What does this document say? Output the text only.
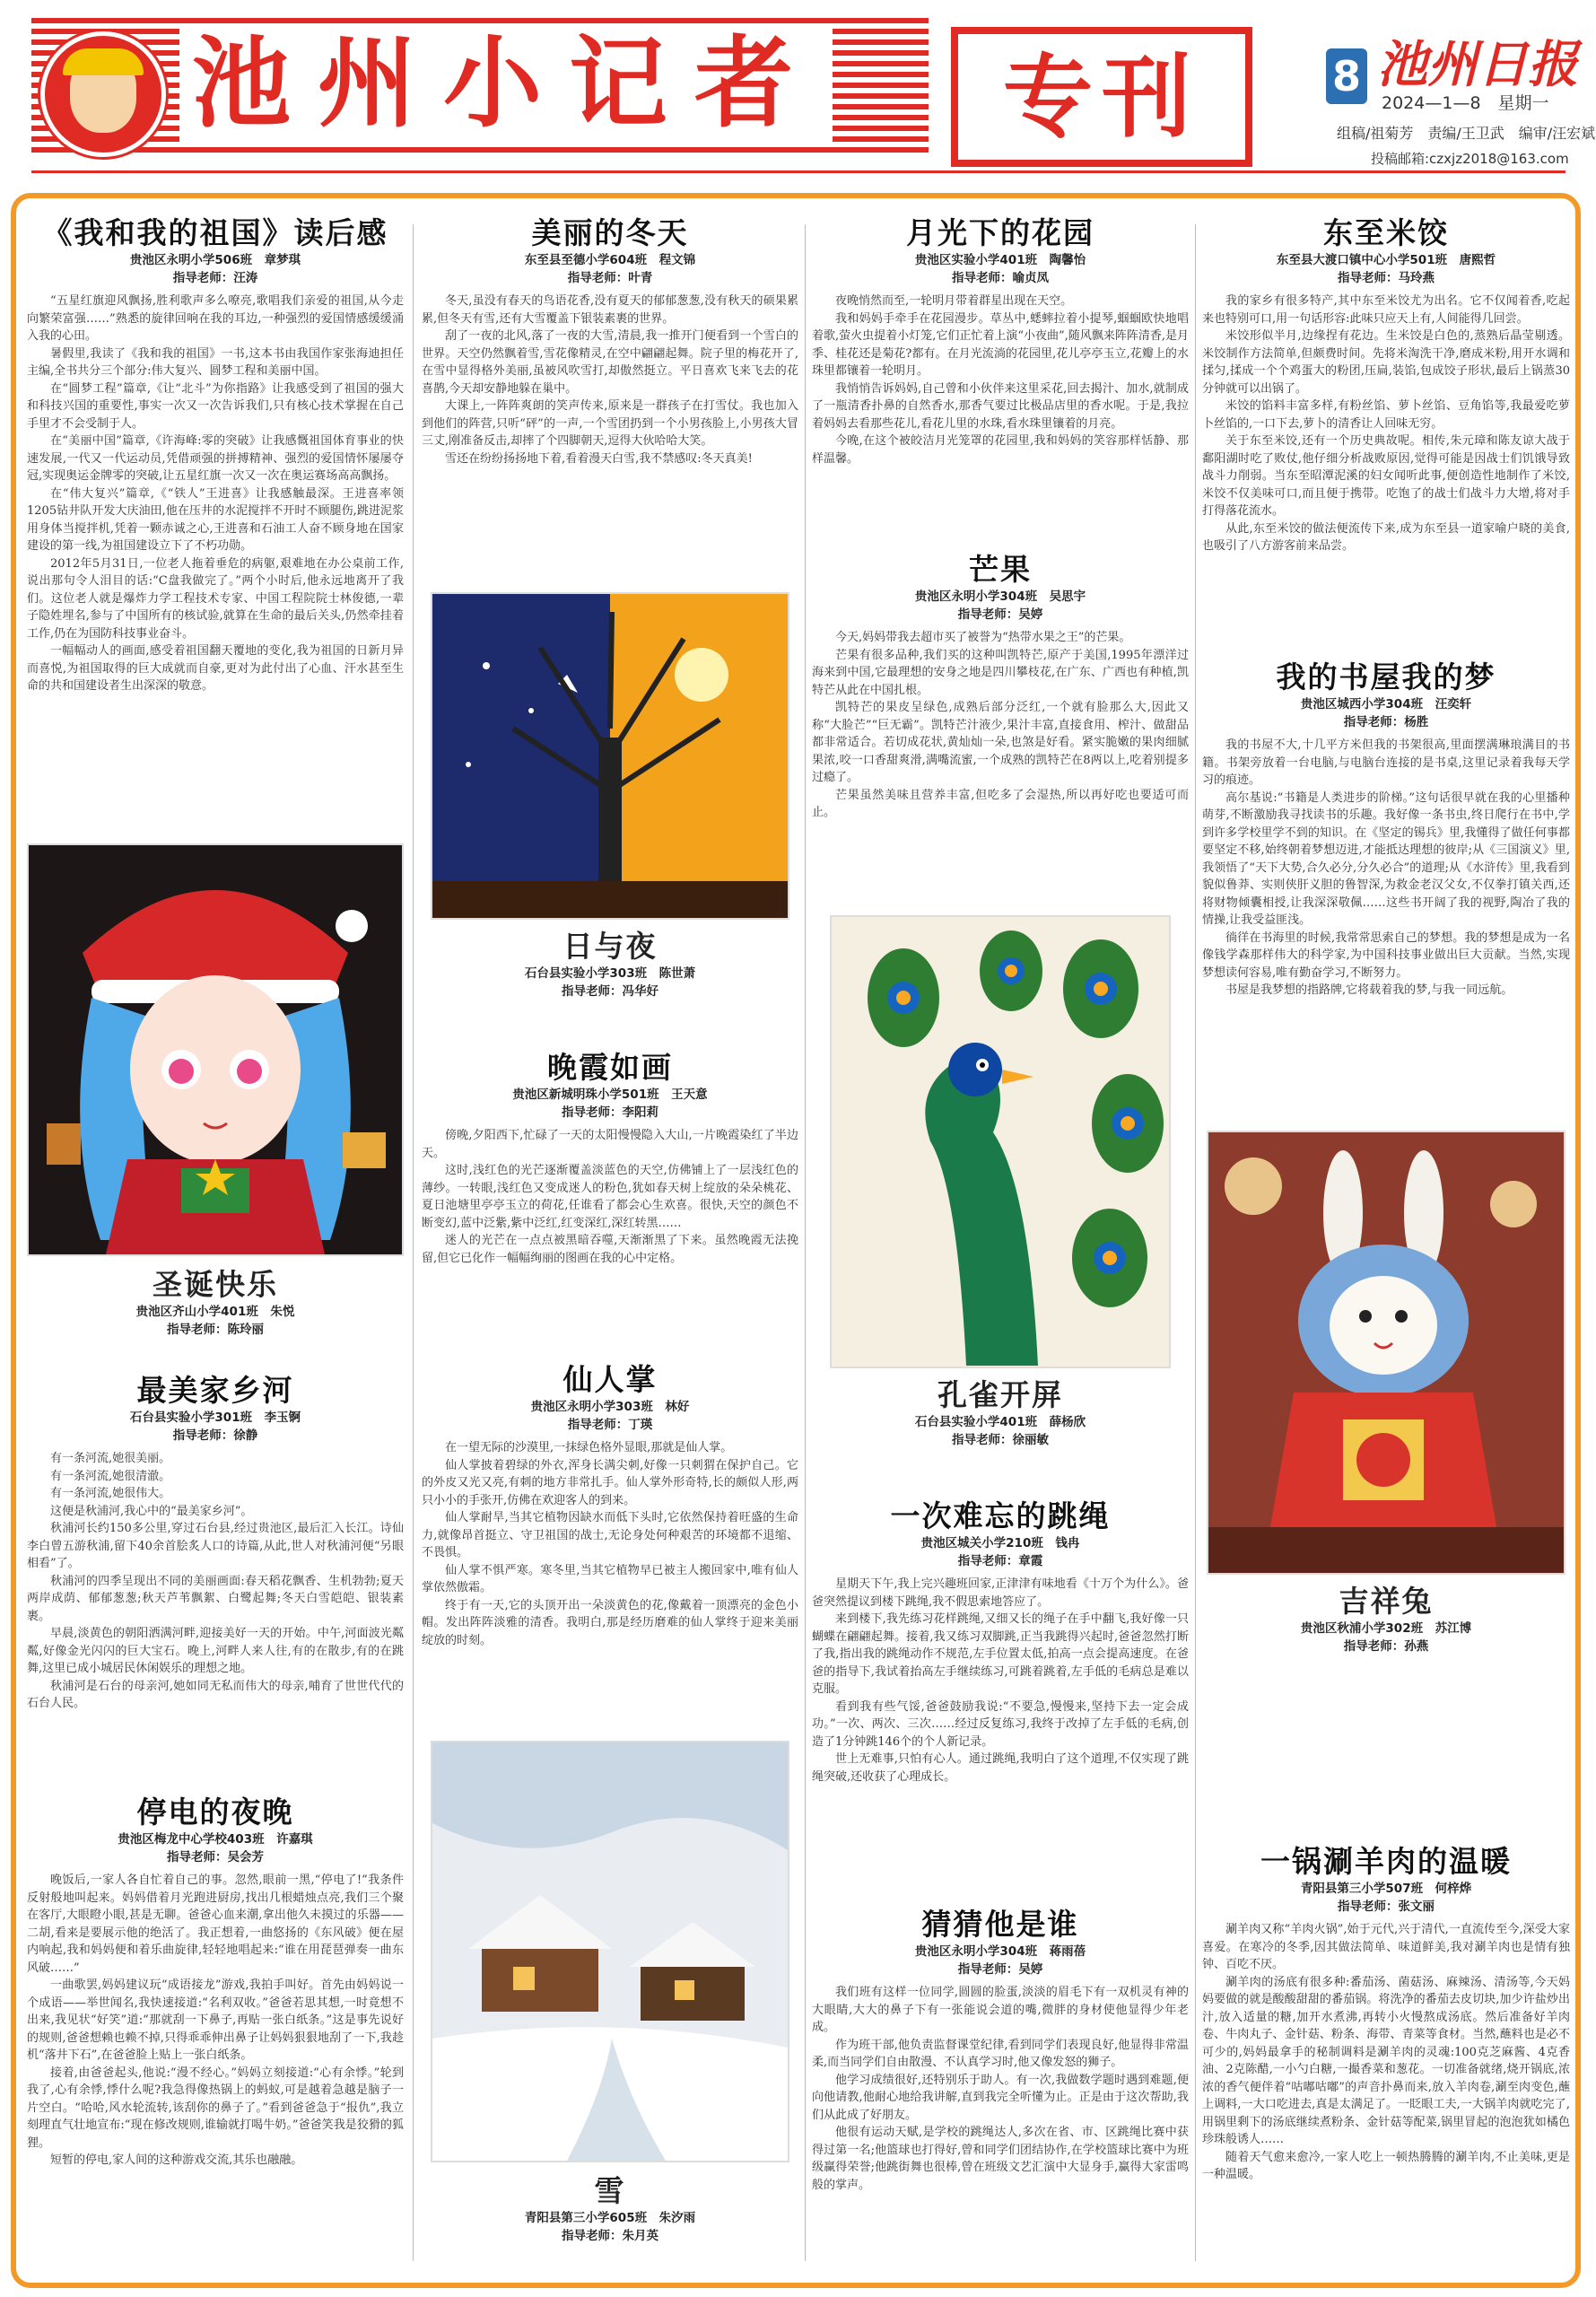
池州小记者	专刊	8 池州日报
2024—1—8　星期一
组稿/祖菊芳　责编/王卫武　编审/汪宏斌
投稿邮箱:czxjz2018@163.com
《我和我的祖国》读后感
贵池区永明小学506班　章梦琪
指导老师：汪涛

“五星红旗迎风飘扬,胜利歌声多么嘹亮,歌唱我们亲爱的祖国,从今走向繁荣富强……”熟悉的旋律回响在我的耳边,一种强烈的爱国情感缓缓涌入我的心田。

暑假里,我读了《我和我的祖国》一书,这本书由我国作家张海迪担任主编,全书共分三个部分:伟大复兴、圆梦工程和美丽中国。

在“圆梦工程”篇章,《让“北斗”为你指路》让我感受到了祖国的强大和科技兴国的重要性,事实一次又一次告诉我们,只有核心技术掌握在自己手里才不会受制于人。

在“美丽中国”篇章,《许海峰:零的突破》让我感慨祖国体育事业的快速发展,一代又一代运动员,凭借顽强的拼搏精神、强烈的爱国情怀屡屡夺冠,实现奥运金牌零的突破,让五星红旗一次又一次在奥运赛场高高飘扬。

在“伟大复兴”篇章,《“铁人”王进喜》让我感触最深。王进喜率领1205钻井队开发大庆油田,他在压井的水泥搅拌不开时不顾腿伤,跳进泥浆用身体当搅拌机,凭着一颗赤诚之心,王进喜和石油工人奋不顾身地在国家建设的第一线,为祖国建设立下了不朽功勋。

2012年5月31日,一位老人拖着垂危的病躯,艰难地在办公桌前工作,说出那句令人泪目的话:“C盘我做完了。”两个小时后,他永远地离开了我们。这位老人就是爆炸力学工程技术专家、中国工程院院士林俊德,一辈子隐姓埋名,参与了中国所有的核试验,就算在生命的最后关头,仍然牵挂着工作,仍在为国防科技事业奋斗。

一幅幅动人的画面,感受着祖国翻天覆地的变化,我为祖国的日新月异而喜悦,为祖国取得的巨大成就而自豪,更对为此付出了心血、汗水甚至生命的共和国建设者生出深深的敬意。

圣诞快乐
贵池区齐山小学401班　朱悦
指导老师：陈玲丽
最美家乡河
石台县实验小学301班　李玉锕
指导老师：徐静

有一条河流,她很美丽。

有一条河流,她很清澈。

有一条河流,她很伟大。

这便是秋浦河,我心中的“最美家乡河”。

秋浦河长约150多公里,穿过石台县,经过贵池区,最后汇入长江。诗仙李白曾五游秋浦,留下40余首脍炙人口的诗篇,从此,世人对秋浦河便“另眼相看”了。

秋浦河的四季呈现出不同的美丽画面:春天稻花飘香、生机勃勃;夏天两岸成荫、郁郁葱葱;秋天芦苇飘絮、白鹭起舞;冬天白雪皑皑、银装素裹。

早晨,淡黄色的朝阳洒满河畔,迎接美好一天的开始。中午,河面波光粼粼,好像金光闪闪的巨大宝石。晚上,河畔人来人往,有的在散步,有的在跳舞,这里已成小城居民休闲娱乐的理想之地。

秋浦河是石台的母亲河,她如同无私而伟大的母亲,哺育了世世代代的石台人民。

停电的夜晚
贵池区梅龙中心学校403班　许嘉琪
指导老师：吴会芳

晚饭后,一家人各自忙着自己的事。忽然,眼前一黑,“停电了!”我条件反射般地叫起来。妈妈借着月光跑进厨房,找出几根蜡烛点亮,我们三个聚在客厅,大眼瞪小眼,甚是无聊。爸爸心血来潮,拿出他久未摸过的乐器——二胡,看来是要展示他的绝活了。我正想着,一曲悠扬的《东风破》便在屋内响起,我和妈妈便和着乐曲旋律,轻轻地唱起来:“谁在用琵琶弹奏一曲东风破……”

一曲歌罢,妈妈建议玩“成语接龙”游戏,我拍手叫好。首先由妈妈说一个成语——举世闻名,我快速接道:“名利双收。”爸爸若思其想,一时竟想不出来,我见状“好笑”道:“那就刮一下鼻子,再贴一张白纸条。”这是事先说好的规则,爸爸想赖也赖不掉,只得乖乖伸出鼻子让妈妈狠狠地刮了一下,我趁机“落井下石”,在爸爸脸上贴上一张白纸条。

接着,由爸爸起头,他说:“漫不经心。”妈妈立刻接道:“心有余悸。”轮到我了,心有余悸,悸什么呢?我急得像热锅上的蚂蚁,可是越着急越是脑子一片空白。“哈哈,风水轮流转,该刮你的鼻子了。”看到爸爸急于“报仇”,我立刻理直气壮地宣布:“现在修改规则,谁输就打喝牛奶。”爸爸笑我是狡猾的狐狸。

短暂的停电,家人间的这种游戏交流,其乐也融融。

美丽的冬天
东至县至德小学604班　程文锦
指导老师：叶青

冬天,虽没有春天的鸟语花香,没有夏天的郁郁葱葱,没有秋天的硕果累累,但冬天有雪,还有大雪覆盖下银装素裹的世界。

刮了一夜的北风,落了一夜的大雪,清晨,我一推开门便看到一个雪白的世界。天空仍然飘着雪,雪花像精灵,在空中翩翩起舞。院子里的梅花开了,在雪中显得格外美丽,虽被风吹雪打,却傲然挺立。平日喜欢飞来飞去的花喜鹊,今天却安静地躲在巢中。

大课上,一阵阵爽朗的笑声传来,原来是一群孩子在打雪仗。我也加入到他们的阵营,只听“砰”的一声,一个雪团扔到一个小男孩脸上,小男孩大冒三丈,刚准备反击,却摔了个四脚朝天,逗得大伙哈哈大笑。

雪还在纷纷扬扬地下着,看着漫天白雪,我不禁感叹:冬天真美!

日与夜
石台县实验小学303班　陈世萧
指导老师：冯华好
晚霞如画
贵池区新城明珠小学501班　王天意
指导老师：李阳莉

傍晚,夕阳西下,忙碌了一天的太阳慢慢隐入大山,一片晚霞染红了半边天。

这时,浅红色的光芒逐渐覆盖淡蓝色的天空,仿佛铺上了一层浅红色的薄纱。一转眼,浅红色又变成迷人的粉色,犹如春天树上绽放的朵朵桃花、夏日池塘里亭亭玉立的荷花,任谁看了都会心生欢喜。很快,天空的颜色不断变幻,蓝中泛紫,紫中泛红,红变深红,深红转黑……

迷人的光芒在一点点被黑暗吞噬,天渐渐黑了下来。虽然晚霞无法挽留,但它已化作一幅幅绚丽的图画在我的心中定格。

仙人掌
贵池区永明小学303班　林好
指导老师：丁瑛

在一望无际的沙漠里,一抹绿色格外显眼,那就是仙人掌。

仙人掌披着碧绿的外衣,浑身长满尖刺,好像一只刺猬在保护自己。它的外皮又光又亮,有刺的地方非常扎手。仙人掌外形奇特,长的颇似人形,两只小小的手张开,仿佛在欢迎客人的到来。

仙人掌耐旱,当其它植物因缺水而低下头时,它依然保持着旺盛的生命力,就像昂首挺立、守卫祖国的战士,无论身处何种艰苦的环境都不退缩、不畏惧。

仙人掌不惧严寒。寒冬里,当其它植物早已被主人搬回家中,唯有仙人掌依然傲霜。

终于有一天,它的头顶开出一朵淡黄色的花,像戴着一顶漂亮的金色小帽。发出阵阵淡雅的清香。我明白,那是经历磨难的仙人掌终于迎来美丽绽放的时刻。

雪
青阳县第三小学605班　朱汐雨
指导老师：朱月英
月光下的花园
贵池区实验小学401班　陶馨怡
指导老师：喻贞凤

夜晚悄然而至,一轮明月带着群星出现在天空。

我和妈妈手牵手在花园漫步。草丛中,蟋蟀拉着小提琴,蝈蝈欧快地唱着歌,萤火虫提着小灯笼,它们正忙着上演“小夜曲”,随风飘来阵阵清香,是月季、桂花还是菊花?都有。在月光流淌的花园里,花儿亭亭玉立,花瓣上的水珠里都镶着一轮明月。

我悄悄告诉妈妈,自己曾和小伙伴来这里采花,回去揭汁、加水,就制成了一瓶清香扑鼻的自然香水,那香气要过比极品店里的香水呢。于是,我拉着妈妈去看那些花儿,看花儿里的水珠,看水珠里镶着的月亮。

今晚,在这个被皎洁月光笼罩的花园里,我和妈妈的笑容那样恬静、那样温馨。

芒果
贵池区永明小学304班　吴思宇
指导老师：吴婷

今天,妈妈带我去超市买了被誉为“热带水果之王”的芒果。

芒果有很多品种,我们买的这种叫凯特芒,原产于美国,1995年漂洋过海来到中国,它最理想的安身之地是四川攀枝花,在广东、广西也有种植,凯特芒从此在中国扎根。

凯特芒的果皮呈绿色,成熟后部分泛红,一个就有脸那么大,因此又称“大脸芒”“巨无霸”。凯特芒汁液少,果汁丰富,直接食用、榨汁、做甜品都非常适合。若切成花状,黄灿灿一朵,也煞是好看。紧实脆嫩的果肉细腻果浓,咬一口香甜爽滑,满嘴流蜜,一个成熟的凯特芒在8两以上,吃着别提多过瘾了。

芒果虽然美味且营养丰富,但吃多了会湿热,所以再好吃也要适可而止。

孔雀开屏
石台县实验小学401班　薛杨欣
指导老师：徐丽敏
一次难忘的跳绳
贵池区城关小学210班　钱冉
指导老师：章霞

星期天下午,我上完兴趣班回家,正津津有味地看《十万个为什么》。爸爸突然提议到楼下跳绳,我不假思索地答应了。

来到楼下,我先练习花样跳绳,又细又长的绳子在手中翻飞,我好像一只蝴蝶在翩翩起舞。接着,我又练习双脚跳,正当我跳得兴起时,爸爸忽然打断了我,指出我的跳绳动作不规范,左手位置太低,拍高一点会提高速度。在爸爸的指导下,我试着抬高左手继续练习,可跳着跳着,左手低的毛病总是难以克服。

看到我有些气馁,爸爸鼓励我说:“不要急,慢慢来,坚持下去一定会成功。”一次、两次、三次……经过反复练习,我终于改掉了左手低的毛病,创造了1分钟跳146个的个人新记录。

世上无难事,只怕有心人。通过跳绳,我明白了这个道理,不仅实现了跳绳突破,还收获了心理成长。

猜猜他是谁
贵池区永明小学304班　蒋雨蓓
指导老师：吴婷

我们班有这样一位同学,圆圆的脸蛋,淡淡的眉毛下有一双机灵有神的大眼睛,大大的鼻子下有一张能说会道的嘴,微胖的身材使他显得少年老成。

作为班干部,他负责监督课堂纪律,看到同学们表现良好,他显得非常温柔,而当同学们自由散漫、不认真学习时,他又像发怒的狮子。

他学习成绩很好,还特别乐于助人。有一次,我做数学题时遇到难题,便向他请教,他耐心地给我讲解,直到我完全听懂为止。正是由于这次帮助,我们从此成了好朋友。

他很有运动天赋,是学校的跳绳达人,多次在省、市、区跳绳比赛中获得过第一名;他篮球也打得好,曾和同学们团结协作,在学校篮球比赛中为班级赢得荣誉;他跳街舞也很棒,曾在班级文艺汇演中大显身手,赢得大家雷鸣般的掌声。

东至米饺
东至县大渡口镇中心小学501班　唐熙哲
指导老师：马玲燕

我的家乡有很多特产,其中东至米饺尤为出名。它不仅闻着香,吃起来也特别可口,用一句话形容:此味只应天上有,人间能得几回尝。

米饺形似半月,边缘捏有花边。生米饺是白色的,蒸熟后晶莹剔透。米饺制作方法简单,但颇费时间。先将米淘洗干净,磨成米粉,用开水调和揉匀,揉成一个个鸡蛋大的粉团,压扁,装馅,包成饺子形状,最后上锅蒸30分钟就可以出锅了。

米饺的馅料丰富多样,有粉丝馅、萝卜丝馅、豆角馅等,我最爱吃萝卜丝馅的,一口下去,萝卜的清香让人回味无穷。

关于东至米饺,还有一个历史典故呢。相传,朱元璋和陈友谅大战于鄱阳湖时吃了败仗,他仔细分析战败原因,觉得可能是因战士们饥饿导致战斗力削弱。当东至昭潭泥溪的妇女闻听此事,便创造性地制作了米饺,米饺不仅美味可口,而且便于携带。吃饱了的战士们战斗力大增,将对手打得落花流水。

从此,东至米饺的做法便流传下来,成为东至县一道家喻户晓的美食,也吸引了八方游客前来品尝。

我的书屋我的梦
贵池区城西小学304班　汪奕轩
指导老师：杨胜

我的书屋不大,十几平方米但我的书架很高,里面摆满琳琅满目的书籍。书架旁放着一台电脑,与电脑台连接的是书桌,这里记录着我每天学习的痕迹。

高尔基说:“书籍是人类进步的阶梯。”这句话很早就在我的心里播种萌芽,不断激励我寻找读书的乐趣。我好像一条书虫,终日爬行在书中,学到许多学校里学不到的知识。在《坚定的锡兵》里,我懂得了做任何事都要坚定不移,始终朝着梦想迈进,才能抵达理想的彼岸;从《三国演义》里,我领悟了“天下大势,合久必分,分久必合”的道理;从《水浒传》里,我看到貌似鲁莽、实则侠肝义胆的鲁智深,为救金老汉父女,不仅拳打镇关西,还将财物倾囊相授,让我深深敬佩……这些书开阔了我的视野,陶冶了我的情操,让我受益匪浅。

徜徉在书海里的时候,我常常思索自己的梦想。我的梦想是成为一名像钱学森那样伟大的科学家,为中国科技事业做出巨大贡献。当然,实现梦想读何容易,唯有勤奋学习,不断努力。

书屋是我梦想的指路牌,它将载着我的梦,与我一同远航。

吉祥兔
贵池区秋浦小学302班　苏江博
指导老师：孙燕
一锅涮羊肉的温暖
青阳县第三小学507班　何梓烨
指导老师：张文丽

涮羊肉又称“羊肉火锅”,始于元代,兴于清代,一直流传至今,深受大家喜爱。在寒冷的冬季,因其做法简单、味道鲜美,我对涮羊肉也是情有独钟、百吃不厌。

涮羊肉的汤底有很多种:番茄汤、菌菇汤、麻辣汤、清汤等,今天妈妈要做的就是酸酸甜甜的番茄锅。将洗净的番茄去皮切块,加少许盐炒出汁,放入适量的糖,加开水煮沸,再转小火慢熬成汤底。然后准备好羊肉卷、牛肉丸子、金针菇、粉条、海带、青菜等食材。当然,蘸料也是必不可少的,妈妈最拿手的秘制调料是涮羊肉的灵魂:100克芝麻酱、4克香油、2克陈醋,一小勺白糖,一撮香菜和葱花。一切准备就绪,烧开锅底,浓浓的香气便伴着“咕嘟咕嘟”的声音扑鼻而来,放入羊肉卷,涮至肉变色,蘸上调料,一大口吃进去,真是太满足了。一眨眼工夫,一大锅羊肉就吃完了,用锅里剩下的汤底继续煮粉条、金针菇等配菜,锅里冒起的泡泡犹如橘色珍珠般诱人……

随着天气愈来愈冷,一家人吃上一顿热腾腾的涮羊肉,不止美味,更是一种温暖。
